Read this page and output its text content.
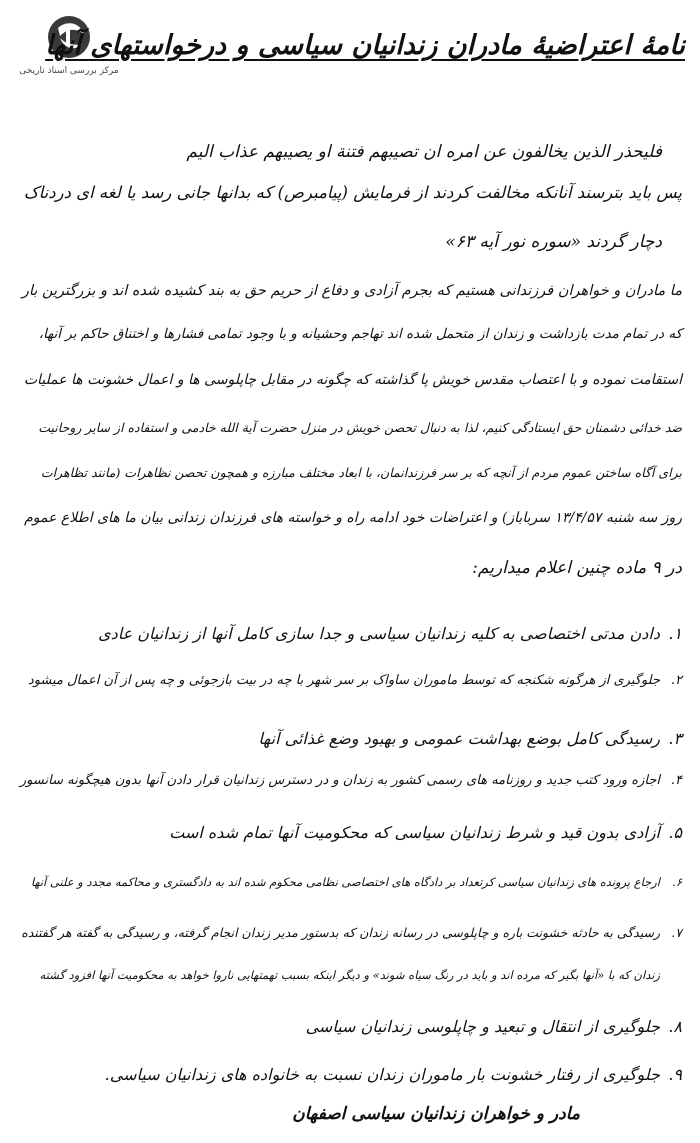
مرکز بررسی اسناد تاریخی
نامهٔ اعتراضیهٔ مادران زندانیان سیاسی و درخواستهای آنها
فلیحذر الذین یخالفون عن امره ان تصیبهم فتنة او یصیبهم عذاب الیم
پس باید بترسند آنانکه مخالفت کردند از فرمایش (پیامبرص) که بدانها جانی رسد یا لغه ای دردناک
دچار گردند «سوره نور آیه ۶۳»
ما مادران و خواهران فرزندانی هستیم که بجرم آزادی و دفاع از حریم حق به بند کشیده شده اند و بزرگترین بار
که در تمام مدت بازداشت و زندان از متحمل شده اند تهاجم وحشیانه و با وجود تمامی فشارها و اختناق حاکم بر آنها،
استقامت نموده و با اعتصاب مقدس خویش پا گذاشته که چگونه در مقابل چاپلوسی ها و اعمال خشونت ها عملیات
ضد خدائی دشمنان حق ایستادگی کنیم، لذا به دنبال تحصن خویش در منزل حضرت آیة الله خادمی و استفاده از سایر روحانیت
برای آگاه ساختن عموم مردم از آنچه که بر سر فرزندانمان، با ابعاد مختلف مبارزه و همچون تحصن نظاهرات (مانند تظاهرات
روز سه شنبه ۱۳/۴/۵۷ سرباباز) و اعتراضات خود ادامه راه و خواسته های فرزندان زندانی بیان ما های اطلاع عموم
در ۹ ماده چنین اعلام میداریم:
۱.دادن مدتی اختصاصی به کلیه زندانیان سیاسی و جدا سازی کامل آنها از زندانیان عادی
۲.جلوگیری از هرگونه شکنجه که توسط ماموران ساواک بر سر شهر با چه در بیت بازجوئی و چه پس از آن اعمال میشود
۳.رسیدگی کامل بوضع بهداشت عمومی و بهبود وضع غذائی آنها
۴.اجازه ورود کتب جدید و روزنامه های رسمی کشور به زندان و در دسترس زندانیان قرار دادن آنها بدون هیچگونه سانسور
۵.آزادی بدون قید و شرط زندانیان سیاسی که محکومیت آنها تمام شده است
۶.ارجاع پرونده های زندانیان سیاسی کرتعداد بر دادگاه های اختصاصی نظامی محکوم شده اند به دادگستری و محاکمه مجدد و علنی آنها
۷.رسیدگی به حادثه خشونت باره و چاپلوسی در رسانه زندان که بدستور مدیر زندان انجام گرفته، و رسیدگی به گفته هر گفتنده
زندان که با «آنها بگیر که مرده اند و باید در رنگ سیاه شوند» و دیگر اینکه بسبب تهمتهایی ناروا خواهد به محکومیت آنها افزود گشته
۸.جلوگیری از انتقال و تبعید و چاپلوسی زندانیان سیاسی
۹.جلوگیری از رفتار خشونت بار ماموران زندان نسبت به خانواده های زندانیان سیاسی.
مادر و خواهران زندانیان سیاسی اصفهان
